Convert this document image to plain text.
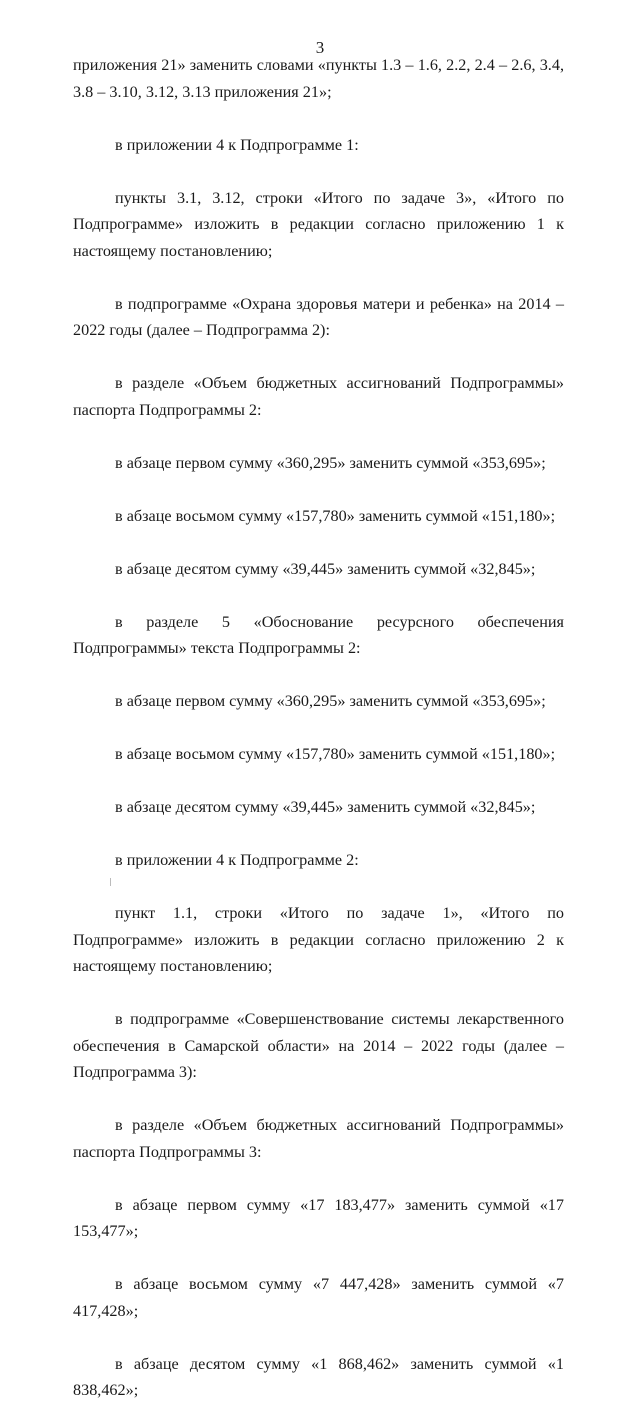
3

приложения 21» заменить словами «пункты 1.3 – 1.6, 2.2, 2.4 – 2.6, 3.4, 3.8 – 3.10, 3.12, 3.13 приложения 21»;

в приложении 4 к Подпрограмме 1:

пункты 3.1, 3.12, строки «Итого по задаче 3», «Итого по Подпрограмме» изложить в редакции согласно приложению 1 к настоящему постановлению;

в подпрограмме «Охрана здоровья матери и ребенка» на 2014 – 2022 годы (далее – Подпрограмма 2):

в разделе «Объем бюджетных ассигнований Подпрограммы» паспорта Подпрограммы 2:

в абзаце первом сумму «360,295» заменить суммой «353,695»;

в абзаце восьмом сумму «157,780» заменить суммой «151,180»;

в абзаце десятом сумму «39,445» заменить суммой «32,845»;

в разделе 5 «Обоснование ресурсного обеспечения Подпрограммы» текста Подпрограммы 2:

в абзаце первом сумму «360,295» заменить суммой «353,695»;

в абзаце восьмом сумму «157,780» заменить суммой «151,180»;

в абзаце десятом сумму «39,445» заменить суммой «32,845»;

в приложении 4 к Подпрограмме 2:

пункт 1.1, строки «Итого по задаче 1», «Итого по Подпрограмме» изложить в редакции согласно приложению 2 к настоящему постановлению;

в подпрограмме «Совершенствование системы лекарственного обеспечения в Самарской области» на 2014 – 2022 годы (далее – Подпрограмма 3):

в разделе «Объем бюджетных ассигнований Подпрограммы» паспорта Подпрограммы 3:

в абзаце первом сумму «17 183,477» заменить суммой «17 153,477»;

в абзаце восьмом сумму «7 447,428» заменить суммой «7 417,428»;

в абзаце десятом сумму «1 868,462» заменить суммой «1 838,462»;
